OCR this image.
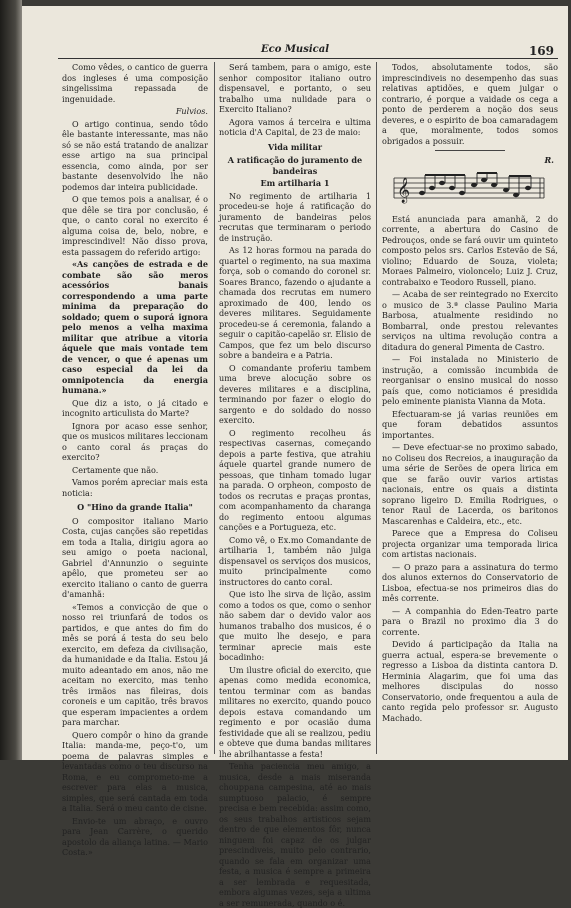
Eco Musical	169

Como vêdes, o cantico de guerra dos ingleses é uma composição singelissima repassada de ingenuidade.

Fulvios.

O artigo continua, sendo tôdo êle bastante interessante, mas não só se não está tratando de analizar esse artigo na sua principal essencia, como ainda, por ser bastante desenvolvido lhe não podemos dar inteira publicidade.

O que temos pois a analisar, é o que dêle se tira por conclusão, é que, o canto coral no exercito é alguma coisa de, belo, nobre, e imprescindivel! Não disso prova, esta passagem do referido artigo:

«As canções de estrada e de combate são são meros acessórios banais correspondendo a uma parte minima da preparação do soldado; quem o suporá ignora pelo menos a velha maxima militar que atribue a vitoria áquele que mais vontade tem de vencer, o que é apenas um caso especial da lei da omnipotencia da energia humana.»

Que diz a isto, o já citado e incognito articulista do Marte?

Ignora por acaso esse senhor, que os musicos militares leccionam o canto coral ás praças do exercito?

Certamente que não.

Vamos porém apreciar mais esta noticia:

O "Hino da grande Italia"

O compositor italiano Mario Costa, cujas canções são repetidas em toda a Italia, dirigiu agora ao seu amigo o poeta nacional, Gabriel d'Annunzio o seguinte apêlo, que prometeu ser ao exercito italiano o canto de guerra d'amanhã:

«Temos a convicção de que o nosso rei triunfará de todos os partidos, e que antes do fim do mês se porá á testa do seu belo exercito, em defeza da civilisação, da humanidade e da Italia. Estou já muito adeantado em anos, não me aceitam no exercito, mas tenho três irmãos nas fileiras, dois coroneis e um capitão, três bravos que esperam impacientes a ordem para marchar.

Quero compôr o hino da grande Italia: manda-me, peço-t'o, um poema de palavras simples e levantadas como o teu discurso na Roma, e eu comprometo-me a escrever para elas a musica, simples, que será cantada em toda a Italia. Será o meu canto de cisne.

Envio-te um abraço, e ouvro para Jean Carrère, o querido apostolo da aliança latina. — Mario Costa.»

Será tambem, para o amigo, este senhor compositor italiano outro dispensavel, e portanto, o seu trabalho uma nulidade para o Exercito Italiano?

Agora vamos á terceira e ultima noticia d'A Capital, de 23 de maio:

Vida militar

A ratificação do juramento de bandeiras

Em artilharia 1

No regimento de artilharia 1 procedeu-se hoje á ratificação do juramento de bandeiras pelos recrutas que terminaram o periodo de instrução.

As 12 horas formou na parada do quartel o regimento, na sua maxima força, sob o comando do coronel sr. Soares Branco, fazendo o ajudante a chamada dos recrutas em numero aproximado de 400, lendo os deveres militares. Seguidamente procedeu-se á ceremonia, falando a seguir o capitão-capelão sr. Elisio de Campos, que fez um belo discurso sobre a bandeira e a Patria.

O comandante proferiu tambem uma breve alocução sobre os deveres militares e a disciplina, terminando por fazer o elogio do sargento e do soldado do nosso exercito.

O regimento recolheu ás respectivas casernas, começando depois a parte festiva, que atrahiu áquele quartel grande numero de pessoas, que tinham tomado lugar na parada. O orpheon, composto de todos os recrutas e praças prontas, com acompanhamento da charanga do regimento entoou algumas canções e a Portugueza, etc.

Como vê, o Ex.mo Comandante de artilharia 1, também não julga dispensavel os serviços dos musicos, muito principalmente como instructores do canto coral.

Que isto lhe sirva de lição, assim como a todos os que, como o senhor não sabem dar o devido valor aos humanos trabalho dos musicos, é o que muito lhe desejo, e para terminar aprecie mais este bocadinho:

Um ilustre oficial do exercito, que apenas como medida economica, tentou terminar com as bandas militares no exercito, quando pouco depois estava comandando um regimento e por ocasião duma festividade que ali se realizou, pediu e obteve que duma bandas militares lhe abrilhantasse a festa!

Tenha paciencia meu amigo, a musica, desde a mais miseranda chouppana campesina, até ao mais sumptuoso palacio, é sempre precisa e bem recebida: assim como, os seus trabalhos artisticos sejam dentro de que elementos fôr, nunca ninguem foi capaz de os julgar prescindiveis, muito pelo contrario, quando se fala em organizar uma festa, a musica é sempre a primeira a ser lembrada e requesitada, embora algumas vezes, seja a ultima a ser remunerada, quando o é.

Todos, absolutamente todos, são imprescindiveis no desempenho das suas relativas aptidões, e quem julgar o contrario, é porque a vaidade os cega a ponto de perderem a noção dos seus deveres, e o espirito de boa camaradagem a que, moralmente, todos somos obrigados a possuir.

R.
𝄞

Está anunciada para amanhã, 2 do corrente, a abertura do Casino de Pedrouços, onde se fará ouvir um quinteto composto pelos srs. Carlos Estevão de Sá, violino; Eduardo de Souza, violeta; Moraes Palmeiro, violoncelo; Luiz J. Cruz, contrabaixo e Teodoro Russell, piano.

— Acaba de ser reintegrado no Exercito o musico de 3.ª classe Paulino Maria Barbosa, atualmente residindo no Bombarral, onde prestou relevantes serviços na ultima revolução contra a ditadura do general Pimenta de Castro.

— Foi instalada no Ministerio de instrução, a comissão incumbida de reorganisar o ensino musical do nosso país que, como noticiamos é presidida pelo eminente pianista Vianna da Mota.

Efectuaram-se já varias reuniões em que foram debatidos assuntos importantes.

— Deve efectuar-se no proximo sabado, no Coliseu dos Recreios, a inauguração da uma série de Serões de opera lirica em que se farão ouvir varios artistas nacionais, entre os quais a distinta soprano ligeiro D. Emilia Rodrigues, o tenor Raul de Lacerda, os baritonos Mascarenhas e Caldeira, etc., etc.

Parece que a Empresa do Coliseu projecta organizar uma temporada lirica com artistas nacionais.

— O prazo para a assinatura do termo dos alunos externos do Conservatorio de Lisboa, efectua-se nos primeiros dias do mês corrente.

— A companhia do Eden-Teatro parte para o Brazil no proximo dia 3 do corrente.

Devido á participação da Italia na guerra actual, espera-se brevemente o regresso a Lisboa da distinta cantora D. Herminia Alagarim, que foi uma das melhores discipulas do nosso Conservatorio, onde frequentou a aula de canto regida pelo professor sr. Augusto Machado.
